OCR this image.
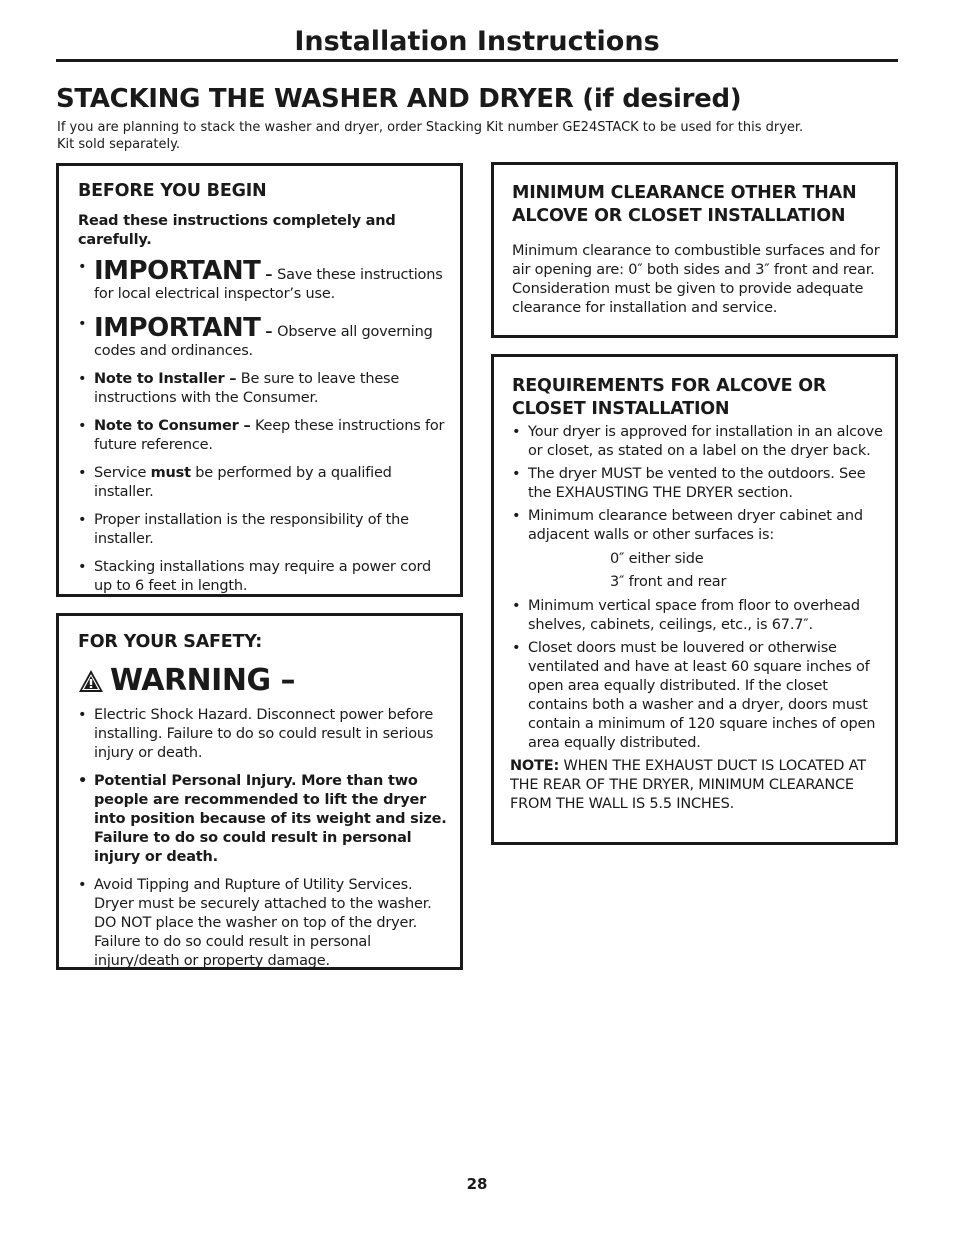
Installation Instructions
STACKING THE WASHER AND DRYER (if desired)

If you are planning to stack the washer and dryer, order Stacking Kit number GE24STACK to be used for this dryer.
Kit sold separately.

BEFORE YOU BEGIN

Read these instructions completely and carefully.

• IMPORTANT – Save these instructions for local electrical inspector’s use.
• IMPORTANT – Observe all governing codes and ordinances.
• Note to Installer – Be sure to leave these instructions with the Consumer.
• Note to Consumer – Keep these instructions for future reference.
• Service must be performed by a qualified installer.
• Proper installation is the responsibility of the installer.
• Stacking installations may require a power cord up to 6 feet in length.
FOR YOUR SAFETY:
WARNING –
• Electric Shock Hazard. Disconnect power before installing. Failure to do so could result in serious injury or death.
• Potential Personal Injury. More than two people are recommended to lift the dryer into position because of its weight and size. Failure to do so could result in personal injury or death.
• Avoid Tipping and Rupture of Utility Services. Dryer must be securely attached to the washer. DO NOT place the washer on top of the dryer. Failure to do so could result in personal injury/death or property damage.
MINIMUM CLEARANCE OTHER THAN
ALCOVE OR CLOSET INSTALLATION

Minimum clearance to combustible surfaces and for air opening are: 0″ both sides and 3″ front and rear. Consideration must be given to provide adequate clearance for installation and service.

REQUIREMENTS FOR ALCOVE OR
CLOSET INSTALLATION
• Your dryer is approved for installation in an alcove or closet, as stated on a label on the dryer back.
• The dryer MUST be vented to the outdoors. See the EXHAUSTING THE DRYER section.
• Minimum clearance between dryer cabinet and adjacent walls or other surfaces is:
0″ either side
3″ front and rear
• Minimum vertical space from floor to overhead shelves, cabinets, ceilings, etc., is 67.7″.
• Closet doors must be louvered or otherwise ventilated and have at least 60 square inches of open area equally distributed. If the closet contains both a washer and a dryer, doors must contain a minimum of 120 square inches of open area equally distributed.

NOTE: WHEN THE EXHAUST DUCT IS LOCATED AT THE REAR OF THE DRYER, MINIMUM CLEARANCE FROM THE WALL IS 5.5 INCHES.

28
